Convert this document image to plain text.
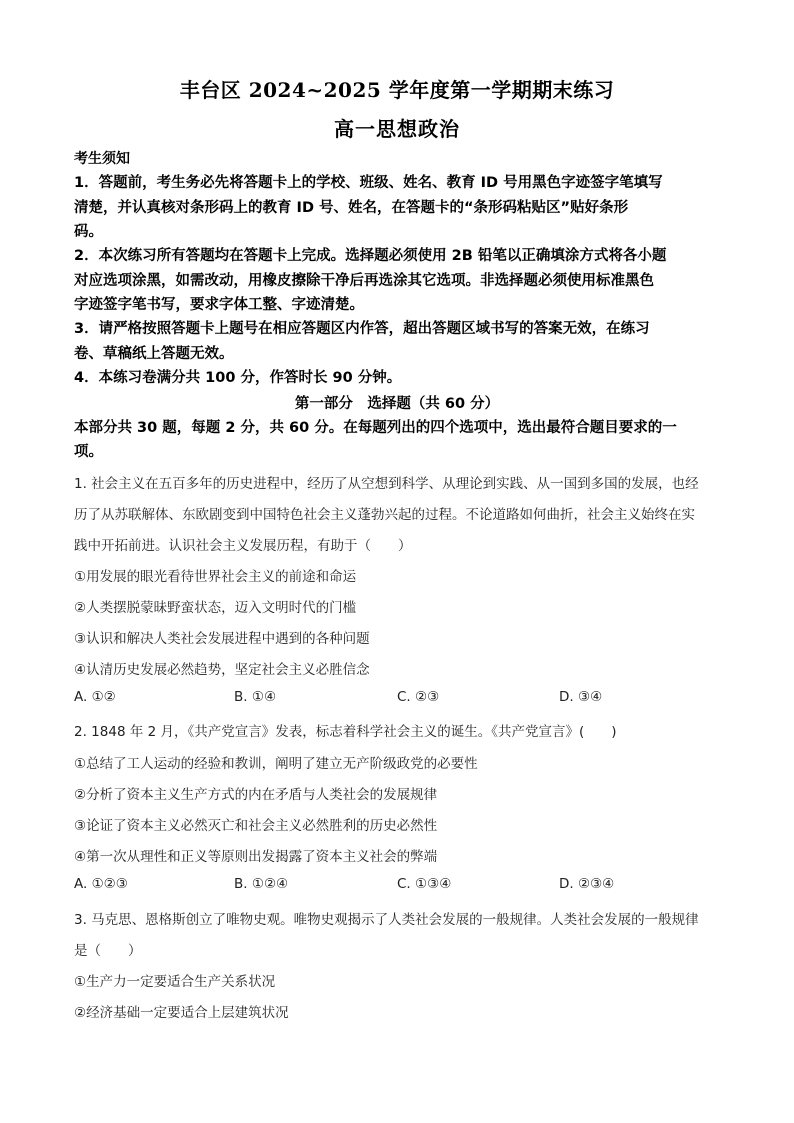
丰台区 2024~2025 学年度第一学期期末练习
高一思想政治
考生须知
1．答题前，考生务必先将答题卡上的学校、班级、姓名、教育 ID 号用黑色字迹签字笔填写
清楚，并认真核对条形码上的教育 ID 号、姓名，在答题卡的“条形码粘贴区”贴好条形
码。
2．本次练习所有答题均在答题卡上完成。选择题必须使用 2B 铅笔以正确填涂方式将各小题
对应选项涂黑，如需改动，用橡皮擦除干净后再选涂其它选项。非选择题必须使用标准黑色
字迹签字笔书写，要求字体工整、字迹清楚。
3．请严格按照答题卡上题号在相应答题区内作答，超出答题区域书写的答案无效，在练习
卷、草稿纸上答题无效。
4．本练习卷满分共 100 分，作答时长 90 分钟。
第一部分　选择题（共 60 分）
本部分共 30 题，每题 2 分，共 60 分。在每题列出的四个选项中，选出最符合题目要求的一
项。
1. 社会主义在五百多年的历史进程中，经历了从空想到科学、从理论到实践、从一国到多国的发展，也经
历了从苏联解体、东欧剧变到中国特色社会主义蓬勃兴起的过程。不论道路如何曲折，社会主义始终在实
践中开拓前进。认识社会主义发展历程，有助于（　　）
①用发展的眼光看待世界社会主义的前途和命运
②人类摆脱蒙昧野蛮状态，迈入文明时代的门槛
③认识和解决人类社会发展进程中遇到的各种问题
④认清历史发展必然趋势，坚定社会主义必胜信念
A. ①②	B. ①④	C. ②③	D. ③④
2. 1848 年 2 月，《共产党宣言》发表，标志着科学社会主义的诞生。《共产党宣言》(　　)
①总结了工人运动的经验和教训，阐明了建立无产阶级政党的必要性
②分析了资本主义生产方式的内在矛盾与人类社会的发展规律
③论证了资本主义必然灭亡和社会主义必然胜利的历史必然性
④第一次从理性和正义等原则出发揭露了资本主义社会的弊端
A. ①②③	B. ①②④	C. ①③④	D. ②③④
3. 马克思、恩格斯创立了唯物史观。唯物史观揭示了人类社会发展的一般规律。人类社会发展的一般规律
是（　　）
①生产力一定要适合生产关系状况
②经济基础一定要适合上层建筑状况
